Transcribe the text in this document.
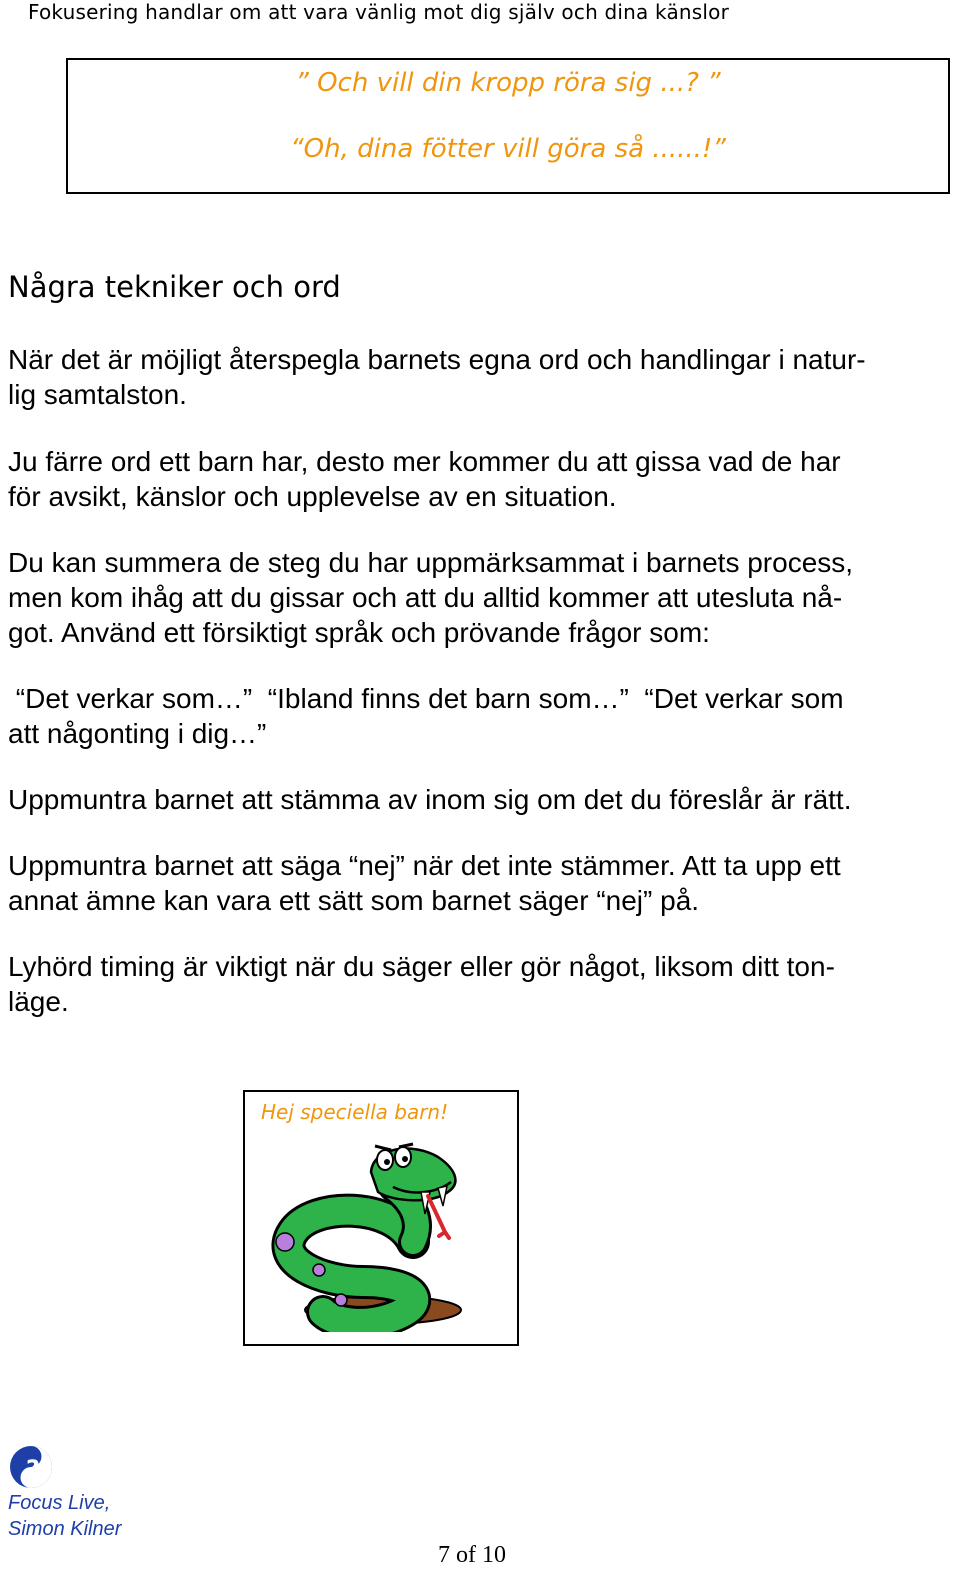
Fokusering handlar om att vara vänlig mot dig själv och dina känslor
” Och vill din kropp röra sig ...? ”
“Oh, dina fötter vill göra så ......!”
Några tekniker och ord
När det är möjligt återspegla barnets egna ord och handlingar i natur-
lig samtalston.
Ju färre ord ett barn har, desto mer kommer du att gissa vad de har
för avsikt, känslor och upplevelse av en situation.
Du kan summera de steg du har uppmärksammat i barnets process,
men kom ihåg att du gissar och att du alltid kommer att utesluta nå-
got. Använd ett försiktigt språk och prövande frågor som:
“Det verkar som…”  “Ibland finns det barn som…”  “Det verkar som
att någonting i dig…”
Uppmuntra barnet att stämma av inom sig om det du föreslår är rätt.
Uppmuntra barnet att säga “nej” när det inte stämmer. Att ta upp ett
annat ämne kan vara ett sätt som barnet säger “nej” på.
Lyhörd timing är viktigt när du säger eller gör något, liksom ditt ton-
läge.
Hej speciella barn!
?
Focus Live,
Simon Kilner
7 of 10
